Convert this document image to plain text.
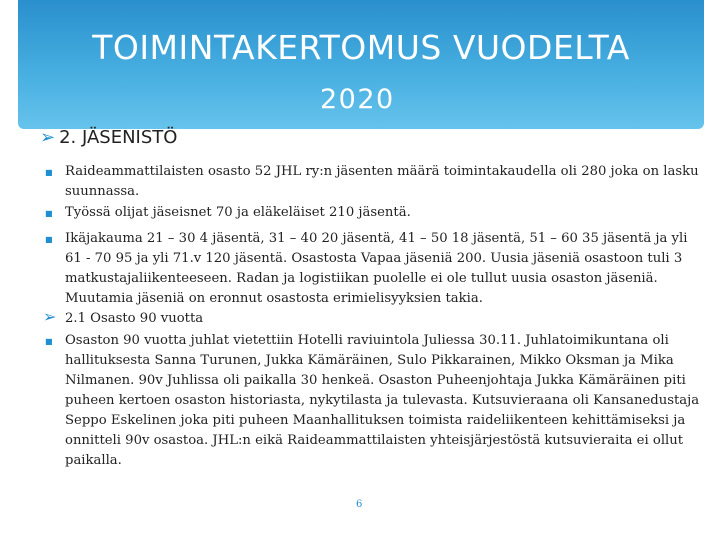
TOIMINTAKERTOMUS VUODELTA
2020
➢ 2. JÄSENISTÖ
■ Raideammattilaisten osasto 52 JHL ry:n jäsenten määrä toimintakaudella oli 280 joka on lasku suunnassa.
■ Työssä olijat jäseisnet 70 ja eläkeläiset 210 jäsentä.
■ Ikäjakauma 21 – 30 4 jäsentä, 31 – 40 20 jäsentä, 41 – 50 18 jäsentä, 51 – 60 35 jäsentä ja yli 61 - 70 95 ja yli 71.v 120 jäsentä. Osastosta Vapaa jäseniä 200. Uusia jäseniä osastoon tuli 3 matkustajaliikenteeseen. Radan ja logistiikan puolelle ei ole tullut uusia osaston jäseniä. Muutamia jäseniä on eronnut osastosta erimielisyyksien takia.
➢ 2.1 Osasto 90 vuotta
■ Osaston 90 vuotta juhlat vietettiin Hotelli raviuintola Juliessa 30.11. Juhlatoimikuntana oli hallituksesta Sanna Turunen, Jukka Kämäräinen, Sulo Pikkarainen, Mikko Oksman ja Mika Nilmanen. 90v Juhlissa oli paikalla 30 henkeä. Osaston Puheenjohtaja Jukka Kämäräinen piti puheen kertoen osaston historiasta, nykytilasta ja tulevasta. Kutsuvieraana oli Kansanedustaja Seppo Eskelinen joka piti puheen Maanhallituksen toimista raideliikenteen kehittämiseksi ja onnitteli 90v osastoa. JHL:n eikä Raideammattilaisten yhteisjärjestöstä kutsuvieraita ei ollut paikalla.
6
